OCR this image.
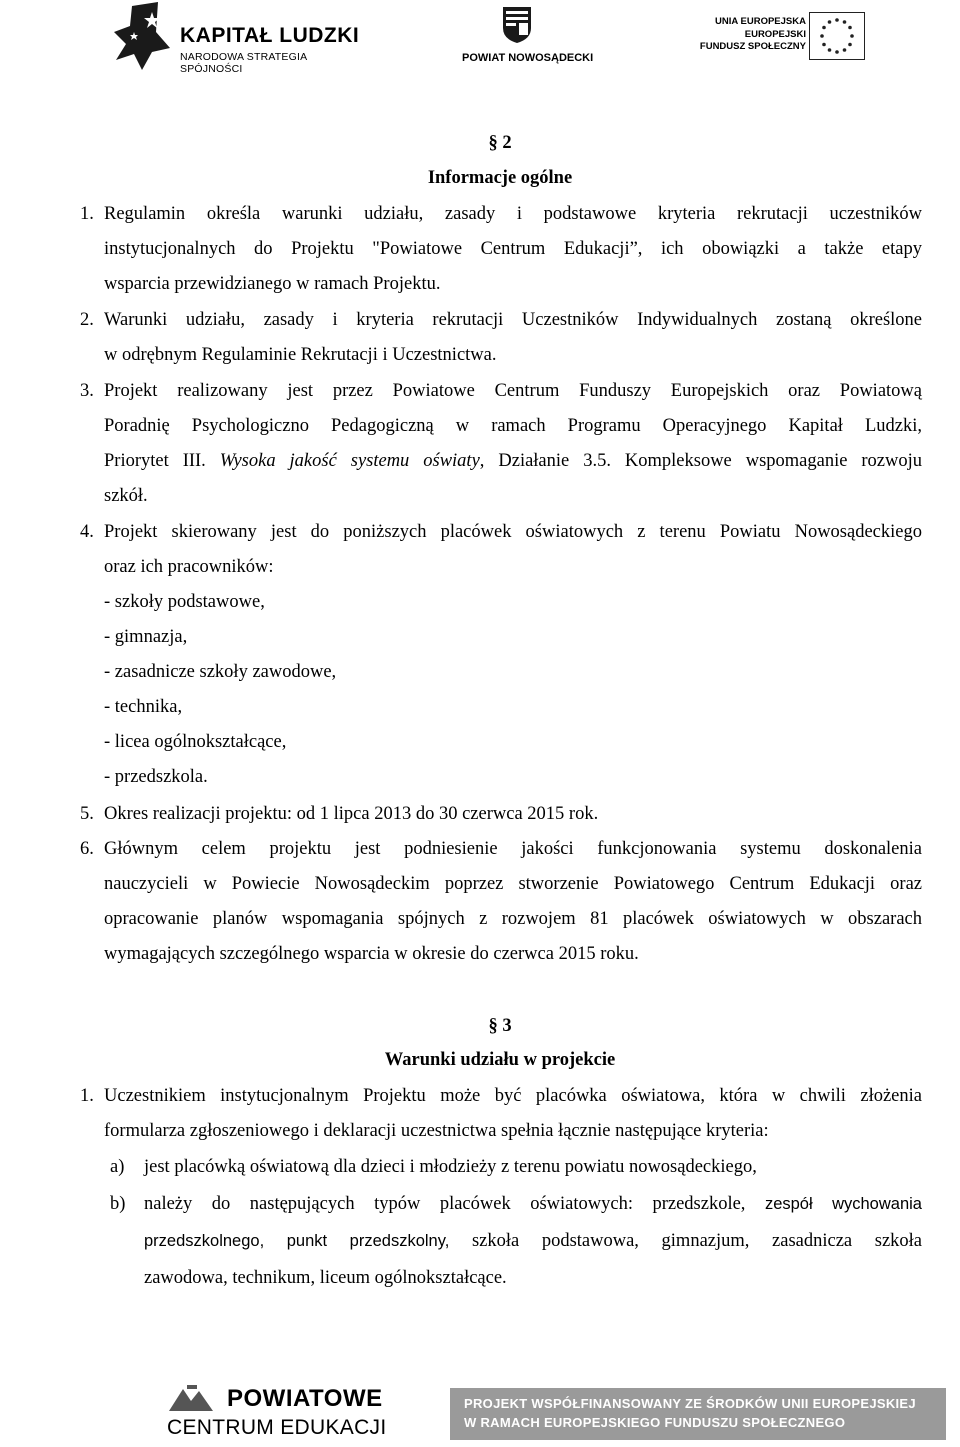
KAPITAŁ LUDZKI
NARODOWA STRATEGIA SPÓJNOŚCI
POWIAT NOWOSĄDECKI
UNIA EUROPEJSKA
EUROPEJSKI
FUNDUSZ SPOŁECZNY
§ 2
Informacje ogólne
1. Regulamin określa warunki udziału, zasady i podstawowe kryteria rekrutacji uczestników
instytucjonalnych do Projektu "Powiatowe Centrum Edukacji”, ich obowiązki a także etapy
wsparcia przewidzianego w ramach Projektu.
2. Warunki udziału, zasady i kryteria rekrutacji Uczestników Indywidualnych zostaną określone
w odrębnym Regulaminie Rekrutacji i Uczestnictwa.
3. Projekt realizowany jest przez Powiatowe Centrum Funduszy Europejskich oraz Powiatową
Poradnię Psychologiczno Pedagogiczną w ramach Programu Operacyjnego Kapitał Ludzki,
Priorytet III. Wysoka jakość systemu oświaty, Działanie 3.5. Kompleksowe wspomaganie rozwoju
szkół.
4. Projekt skierowany jest do poniższych placówek oświatowych z terenu Powiatu Nowosądeckiego
oraz ich pracowników:
- szkoły podstawowe,
- gimnazja,
- zasadnicze szkoły zawodowe,
- technika,
- licea ogólnokształcące,
- przedszkola.
5. Okres realizacji projektu: od 1 lipca 2013 do 30 czerwca 2015 rok.
6. Głównym celem projektu jest podniesienie jakości funkcjonowania systemu doskonalenia
nauczycieli w Powiecie Nowosądeckim poprzez stworzenie Powiatowego Centrum Edukacji oraz
opracowanie planów wspomagania spójnych z rozwojem 81 placówek oświatowych w obszarach
wymagających szczególnego wsparcia w okresie do czerwca 2015 roku.
§ 3
Warunki udziału w projekcie
1. Uczestnikiem instytucjonalnym Projektu może być placówka oświatowa, która w chwili złożenia
formularza zgłoszeniowego i deklaracji uczestnictwa spełnia łącznie następujące kryteria:
a) jest placówką oświatową dla dzieci i młodzieży z terenu powiatu nowosądeckiego,
b) należy do następujących typów placówek oświatowych: przedszkole, zespół wychowania
przedszkolnego, punkt przedszkolny, szkoła podstawowa, gimnazjum, zasadnicza szkoła
zawodowa, technikum, liceum ogólnokształcące.
POWIATOWE
CENTRUM EDUKACJI
PROJEKT WSPÓŁFINANSOWANY ZE ŚRODKÓW UNII EUROPEJSKIEJ
W RAMACH EUROPEJSKIEGO FUNDUSZU SPOŁECZNEGO
